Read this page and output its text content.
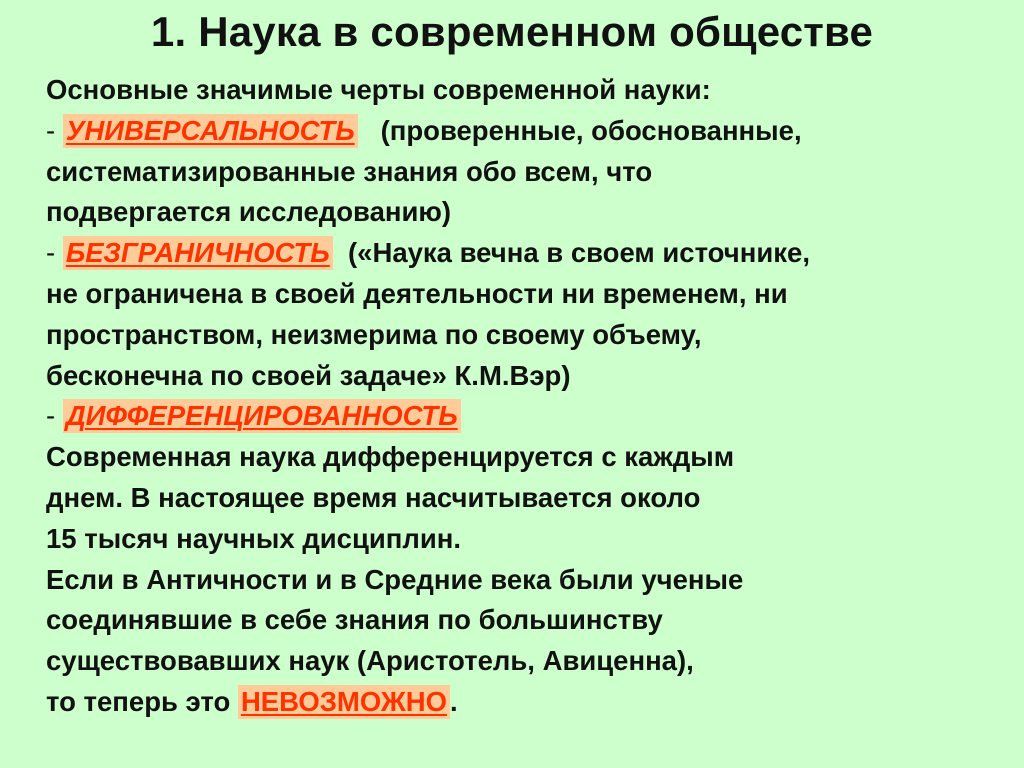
1. Наука в современном обществе
Основные значимые черты современной науки:
- УНИВЕРСАЛЬНОСТЬ (проверенные, обоснованные,
систематизированные знания обо всем, что
подвергается исследованию)
- БЕЗГРАНИЧНОСТЬ («Наука вечна в своем источнике,
не ограничена в своей деятельности ни временем, ни
пространством, неизмерима по своему объему,
бесконечна по своей задаче» К.М.Вэр)
- ДИФФЕРЕНЦИРОВАННОСТЬ
Современная наука дифференцируется с каждым
днем. В настоящее время насчитывается около
15 тысяч научных дисциплин.
Если в Античности и в Средние века были ученые
соединявшие в себе знания по большинству
существовавших наук (Аристотель, Авиценна),
то теперь это НЕВОЗМОЖНО .
